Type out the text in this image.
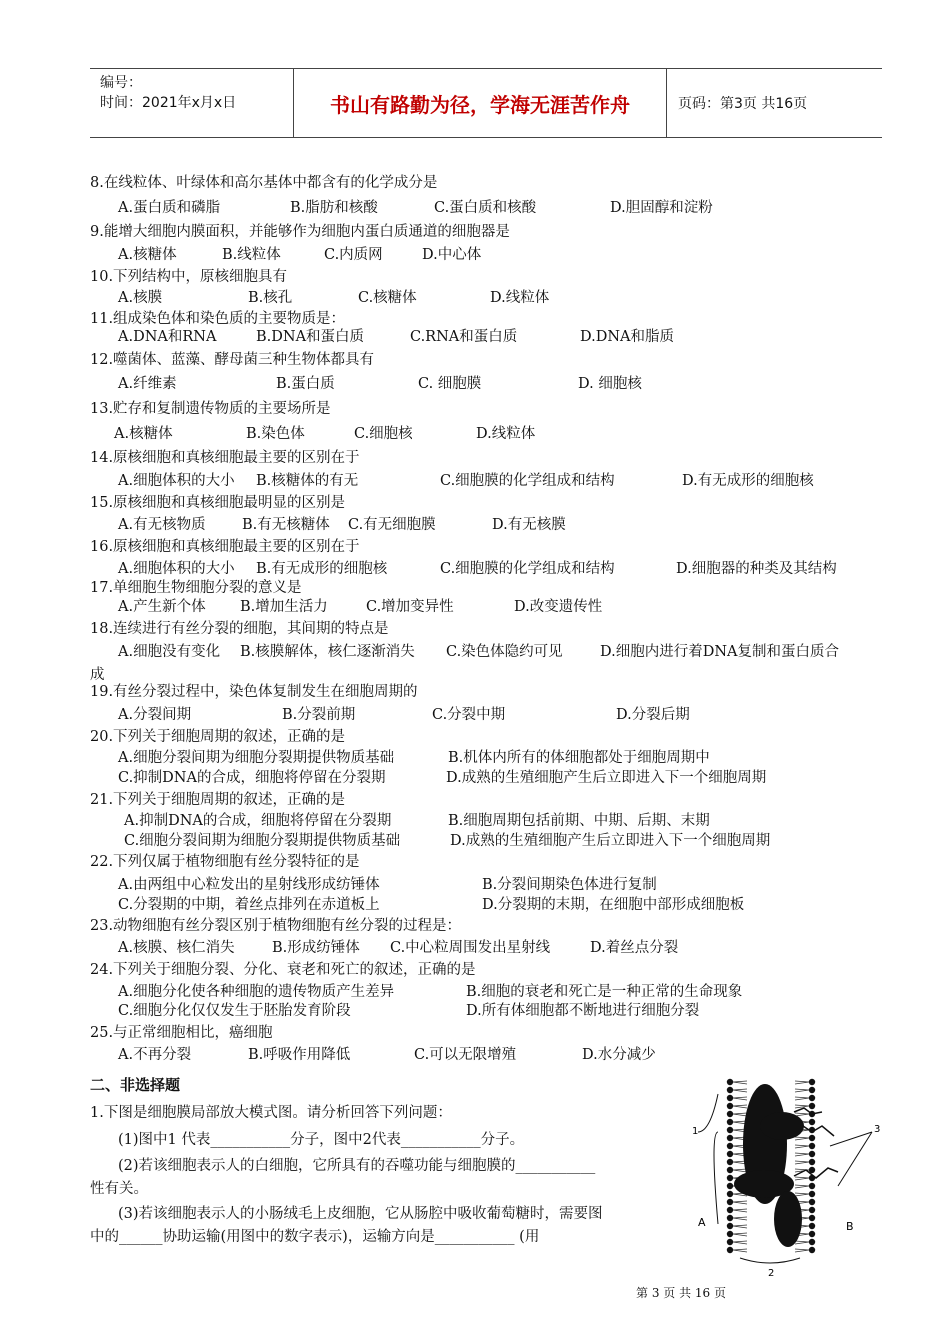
编号：
时间：2021年x月x日	书山有路勤为径，学海无涯苦作舟	页码：第3页 共16页
8.在线粒体、叶绿体和高尔基体中都含有的化学成分是
A.蛋白质和磷脂	B.脂肪和核酸	C.蛋白质和核酸	D.胆固醇和淀粉
9.能增大细胞内膜面积，并能够作为细胞内蛋白质通道的细胞器是
A.核糖体	B.线粒体	C.内质网	D.中心体
10.下列结构中，原核细胞具有
A.核膜	B.核孔	C.核糖体	D.线粒体
11.组成染色体和染色质的主要物质是：
A.DNA和RNA	B.DNA和蛋白质	C.RNA和蛋白质	D.DNA和脂质
12.噬菌体、蓝藻、酵母菌三种生物体都具有
A.纤维素	B.蛋白质	C. 细胞膜	D. 细胞核
13.贮存和复制遗传物质的主要场所是
A.核糖体	B.染色体	C.细胞核	D.线粒体
14.原核细胞和真核细胞最主要的区别在于
A.细胞体积的大小 B.核糖体的有无	C.细胞膜的化学组成和结构	D.有无成形的细胞核
15.原核细胞和真核细胞最明显的区别是
A.有无核物质	B.有无核糖体 C.有无细胞膜	D.有无核膜
16.原核细胞和真核细胞最主要的区别在于
A.细胞体积的大小 B.有无成形的细胞核	C.细胞膜的化学组成和结构	D.细胞器的种类及其结构
17.单细胞生物细胞分裂的意义是
A.产生新个体 B.增加生活力	C.增加变异性	D.改变遗传性
18.连续进行有丝分裂的细胞，其间期的特点是
A.细胞没有变化 B.核膜解体，核仁逐渐消失 C.染色体隐约可见	D.细胞内进行着DNA复制和蛋白质合
成
19.有丝分裂过程中，染色体复制发生在细胞周期的
A.分裂间期	B.分裂前期	C.分裂中期	D.分裂后期
20.下列关于细胞周期的叙述，正确的是
A.细胞分裂间期为细胞分裂期提供物质基础	B.机体内所有的体细胞都处于细胞周期中
C.抑制DNA的合成，细胞将停留在分裂期	D.成熟的生殖细胞产生后立即进入下一个细胞周期
21.下列关于细胞周期的叙述，正确的是
A.抑制DNA的合成，细胞将停留在分裂期	B.细胞周期包括前期、中期、后期、末期
C.细胞分裂间期为细胞分裂期提供物质基础	D.成熟的生殖细胞产生后立即进入下一个细胞周期
22.下列仅属于植物细胞有丝分裂特征的是
A.由两组中心粒发出的星射线形成纺锤体	B.分裂间期染色体进行复制
C.分裂期的中期，着丝点排列在赤道板上	D.分裂期的末期，在细胞中部形成细胞板
23.动物细胞有丝分裂区别于植物细胞有丝分裂的过程是：
A.核膜、核仁消失	B.形成纺锤体 C.中心粒周围发出星射线	D.着丝点分裂
24.下列关于细胞分裂、分化、衰老和死亡的叙述，正确的是
A.细胞分化使各种细胞的遗传物质产生差异	B.细胞的衰老和死亡是一种正常的生命现象
C.细胞分化仅仅发生于胚胎发育阶段	D.所有体细胞都不断地进行细胞分裂
25.与正常细胞相比，癌细胞
A.不再分裂	B.呼吸作用降低	C.可以无限增殖	D.水分减少
二、非选择题
1.下图是细胞膜局部放大模式图。请分析回答下列问题：
(1)图中1 代表___________分子，图中2代表___________分子。
(2)若该细胞表示人的白细胞，它所具有的吞噬功能与细胞膜的___________
性有关。
(3)若该细胞表示人的小肠绒毛上皮细胞，它从肠腔中吸收葡萄糖时，需要图
中的______协助运输(用图中的数字表示)，运输方向是___________ (用
1	3
2
A	B
第 3 页 共 16 页
